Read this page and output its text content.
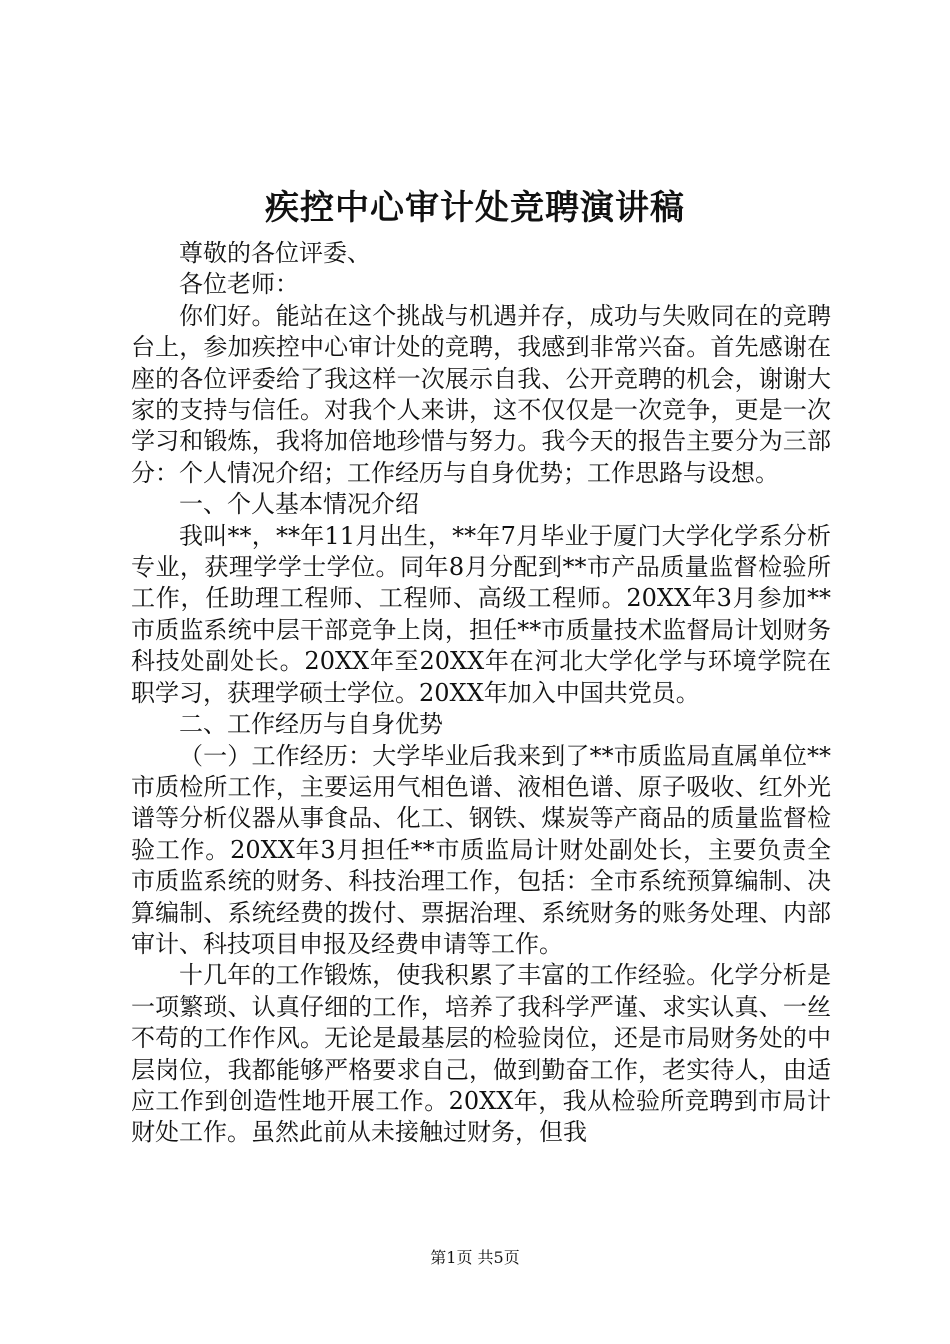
疾控中心审计处竞聘演讲稿

尊敬的各位评委、

各位老师：

你们好。能站在这个挑战与机遇并存，成功与失败同在的竞聘台上，参加疾控中心审计处的竞聘，我感到非常兴奋。首先感谢在座的各位评委给了我这样一次展示自我、公开竞聘的机会，谢谢大家的支持与信任。对我个人来讲，这不仅仅是一次竞争，更是一次学习和锻炼，我将加倍地珍惜与努力。我今天的报告主要分为三部分：个人情况介绍；工作经历与自身优势；工作思路与设想。

一、个人基本情况介绍

我叫**，**年11月出生，**年7月毕业于厦门大学化学系分析专业，获理学学士学位。同年8月分配到**市产品质量监督检验所工作，任助理工程师、工程师、高级工程师。20XX年3月参加**市质监系统中层干部竞争上岗，担任**市质量技术监督局计划财务科技处副处长。20XX年至20XX年在河北大学化学与环境学院在职学习，获理学硕士学位。20XX年加入中国共党员。

二、工作经历与自身优势

（一）工作经历：大学毕业后我来到了**市质监局直属单位**市质检所工作，主要运用气相色谱、液相色谱、原子吸收、红外光谱等分析仪器从事食品、化工、钢铁、煤炭等产商品的质量监督检验工作。20XX年3月担任**市质监局计财处副处长，主要负责全市质监系统的财务、科技治理工作，包括：全市系统预算编制、决算编制、系统经费的拨付、票据治理、系统财务的账务处理、内部审计、科技项目申报及经费申请等工作。

十几年的工作锻炼，使我积累了丰富的工作经验。化学分析是一项繁琐、认真仔细的工作，培养了我科学严谨、求实认真、一丝不苟的工作作风。无论是最基层的检验岗位，还是市局财务处的中层岗位，我都能够严格要求自己，做到勤奋工作，老实待人，由适应工作到创造性地开展工作。20XX年，我从检验所竞聘到市局计财处工作。虽然此前从未接触过财务，但我

第1页 共5页
